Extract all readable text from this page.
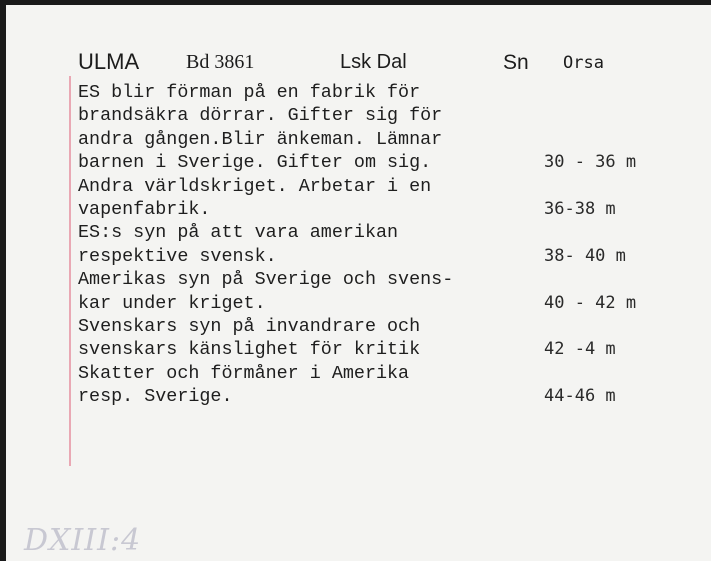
ULMA Bd 3861	Lsk Dal	Sn Orsa
ES blir förman på en fabrik för
brandsäkra dörrar. Gifter sig för
andra gången.Blir änkeman. Lämnar
barnen i Sverige. Gifter om sig.	30 - 36 m
Andra världskriget. Arbetar i en
vapenfabrik.	36-38 m
ES:s syn på att vara amerikan
respektive svensk.	38- 40 m
Amerikas syn på Sverige och svens-
kar under kriget.	40 - 42 m
Svenskars syn på invandrare och
svenskars känslighet för kritik	42 -4 m
Skatter och förmåner i Amerika
resp. Sverige.	44-46 m
DXIII:4
